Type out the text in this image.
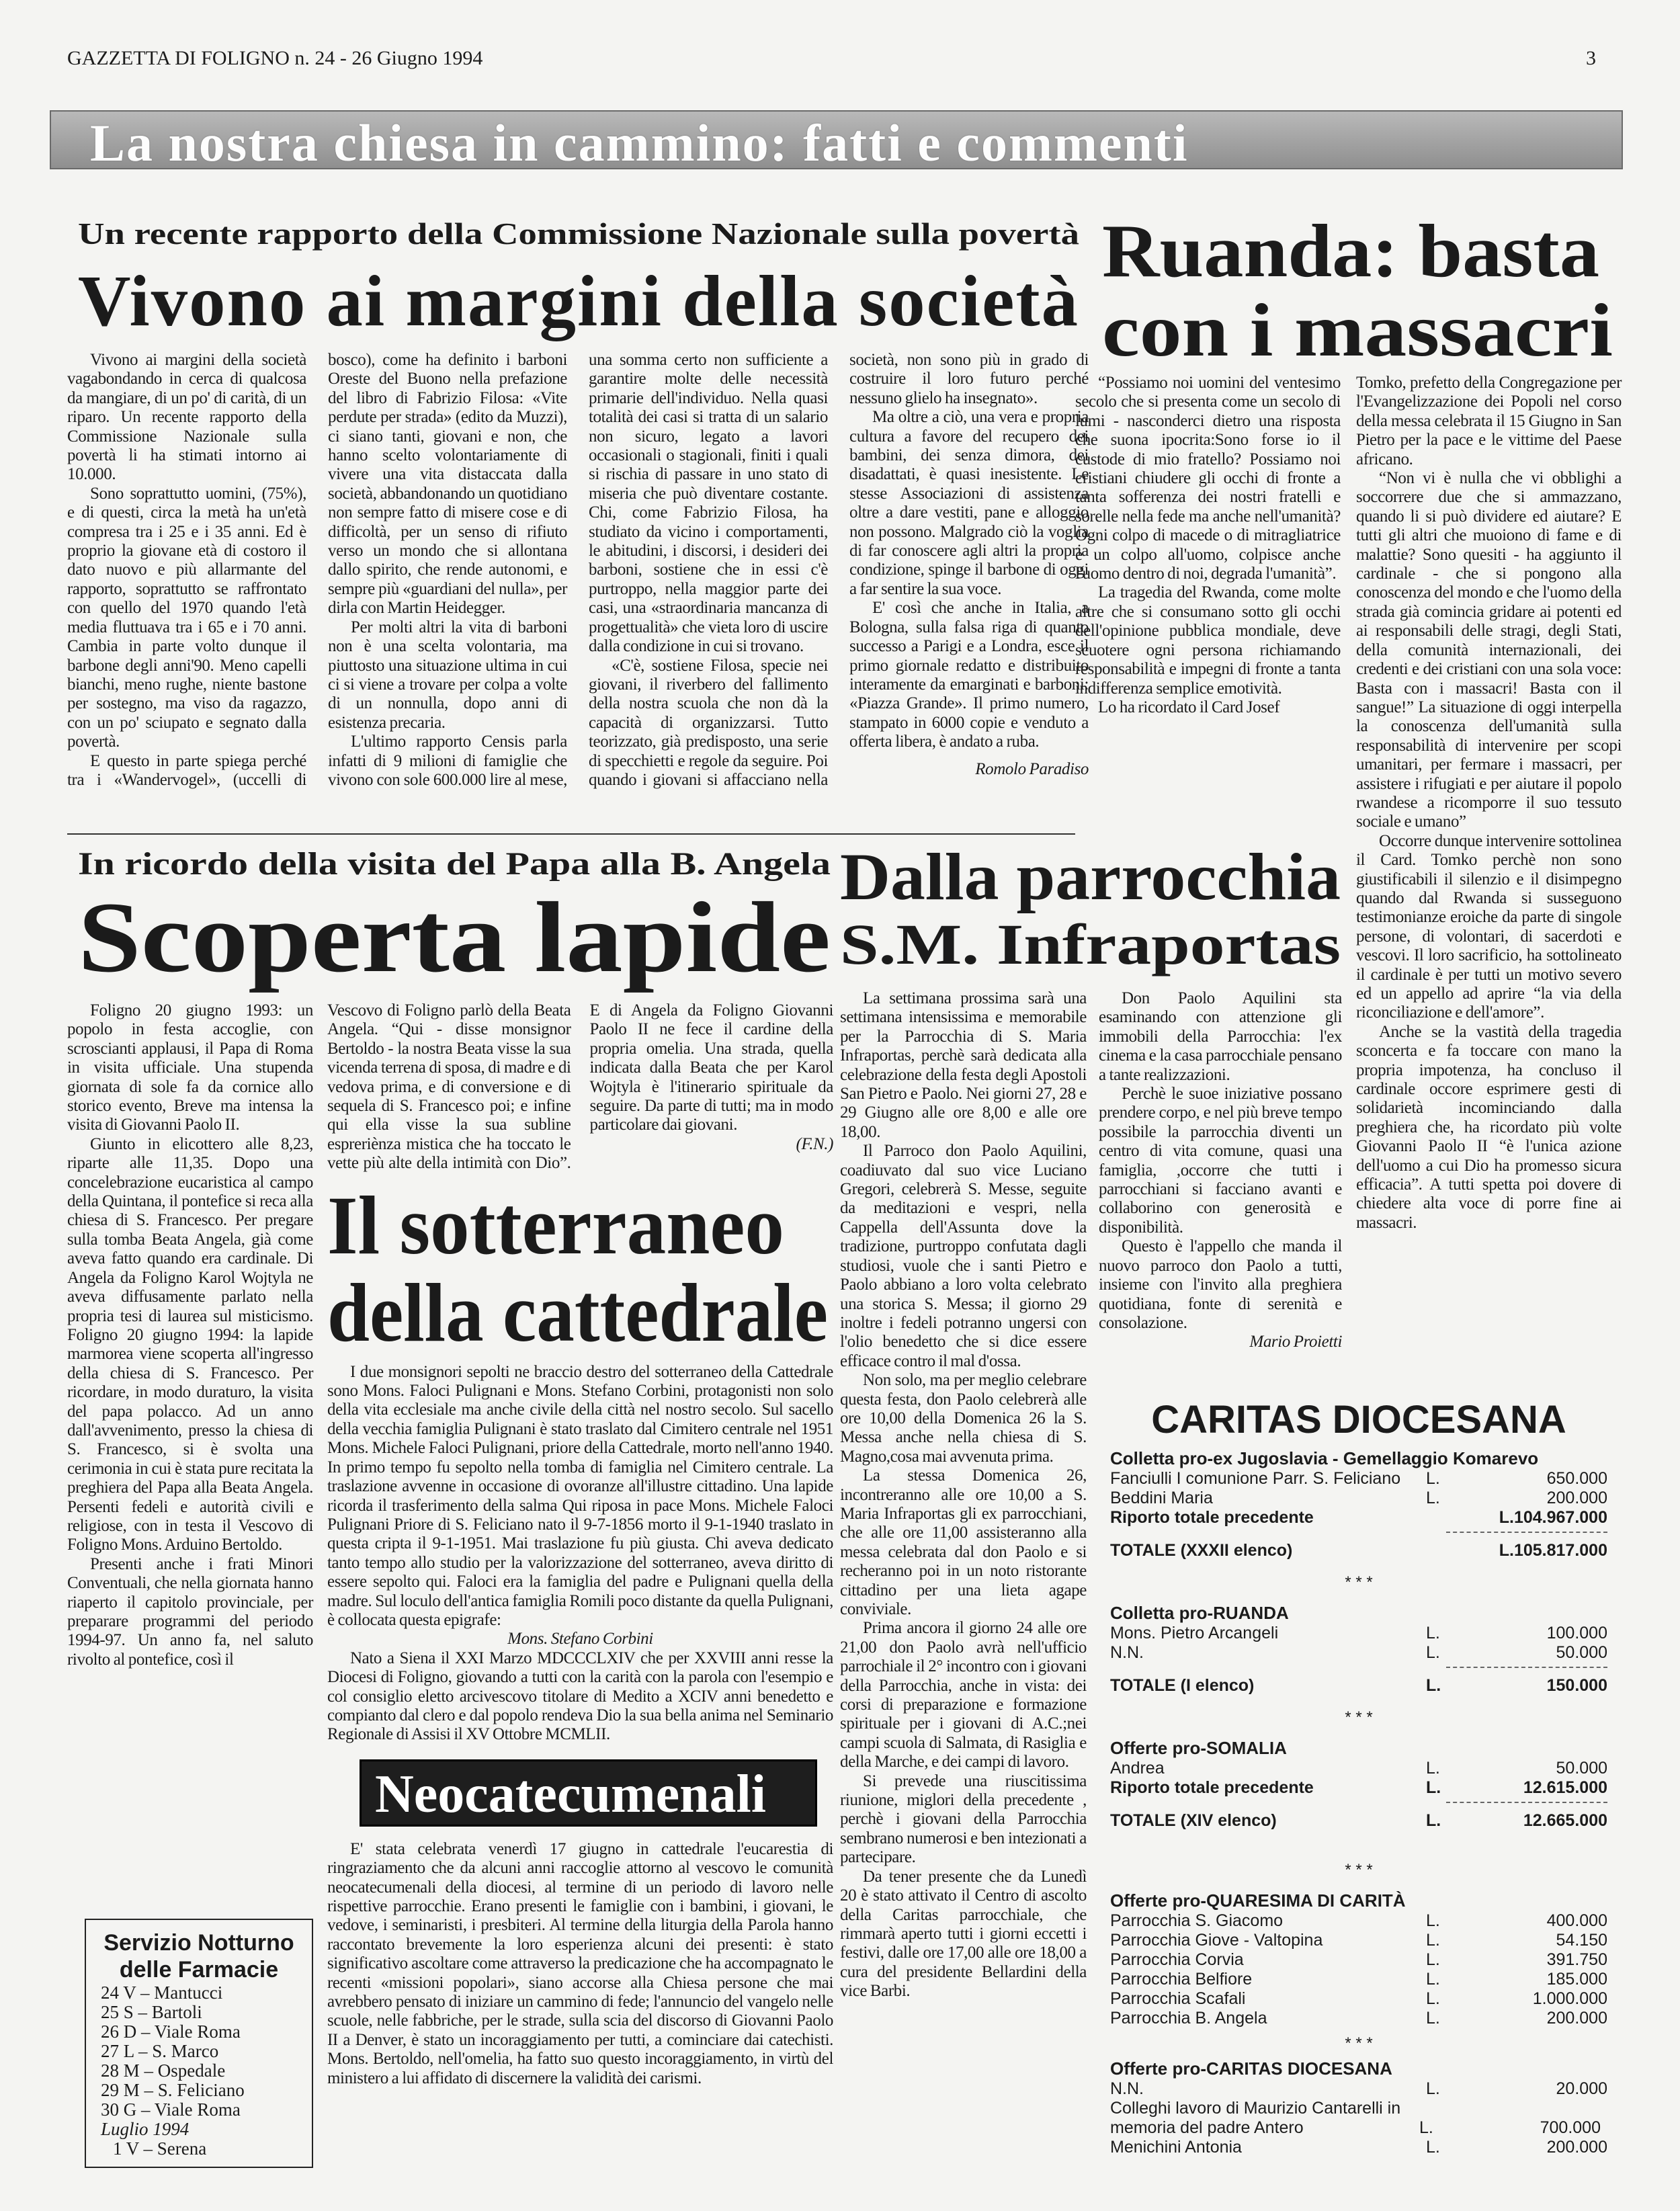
GAZZETTA DI FOLIGNO n. 24 - 26 Giugno 1994	3
La nostra chiesa in cammino: fatti e commenti
Un recente rapporto della Commissione Nazionale sulla povertà
Vivono ai margini della società

Vivono ai margini della società vagabondando in cerca di qualcosa da mangiare, di un po' di carità, di un riparo. Un recente rapporto della Commissione Nazionale sulla povertà li ha stimati intorno ai 10.000.

Sono soprattutto uomini, (75%), e di questi, circa la metà ha un'età compresa tra i 25 e i 35 anni. Ed è proprio la giovane età di costoro il dato nuovo e più allarmante del rapporto, soprattutto se raffrontato con quello del 1970 quando l'età media fluttuava tra i 65 e i 70 anni. Cambia in parte volto dunque il barbone degli anni'90. Meno capelli bianchi, meno rughe, niente bastone per sostegno, ma viso da ragazzo, con un po' sciupato e segnato dalla povertà.

E questo in parte spiega perché tra i «Wandervogel», (uccelli di bosco), come ha definito i barboni Oreste del Buono nella prefazione del libro di Fabrizio Filosa: «Vite perdute per strada» (edito da Muzzi), ci siano tanti, giovani e non, che hanno scelto volontariamente di vivere una vita distaccata dalla società, abbandonando un quotidiano non sempre fatto di misere cose e di difficoltà, per un senso di rifiuto verso un mondo che si allontana dallo spirito, che rende autonomi, e sempre più «guardiani del nulla», per dirla con Martin Heidegger.

Per molti altri la vita di barboni non è una scelta volontaria, ma piuttosto una situazione ultima in cui ci si viene a trovare per colpa a volte di un nonnulla, dopo anni di esistenza precaria.

L'ultimo rapporto Censis parla infatti di 9 milioni di famiglie che vivono con sole 600.000 lire al mese, una somma certo non sufficiente a garantire molte delle necessità primarie dell'individuo. Nella quasi totalità dei casi si tratta di un salario non sicuro, legato a lavori occasionali o stagionali, finiti i quali si rischia di passare in uno stato di miseria che può diventare costante. Chi, come Fabrizio Filosa, ha studiato da vicino i comportamenti, le abitudini, i discorsi, i desideri dei barboni, sostiene che in essi c'è purtroppo, nella maggior parte dei casi, una «straordinaria mancanza di progettualità» che vieta loro di uscire dalla condizione in cui si trovano.

«C'è, sostiene Filosa, specie nei giovani, il riverbero del fallimento della nostra scuola che non dà la capacità di organizzarsi. Tutto teorizzato, già predisposto, una serie di specchietti e regole da seguire. Poi quando i giovani si affacciano nella società, non sono più in grado di costruire il loro futuro perché nessuno glielo ha insegnato».

Ma oltre a ciò, una vera e propria cultura a favore del recupero dei bambini, dei senza dimora, dei disadattati, è quasi inesistente. Le stesse Associazioni di assistenza oltre a dare vestiti, pane e alloggio non possono. Malgrado ciò la voglia di far conoscere agli altri la propria condizione, spinge il barbone di oggi a far sentire la sua voce.

E' così che anche in Italia, a Bologna, sulla falsa riga di quanto successo a Parigi e a Londra, esce il primo giornale redatto e distribuito interamente da emarginati e barboni: «Piazza Grande». Il primo numero, stampato in 6000 copie e venduto a offerta libera, è andato a ruba.

Romolo Paradiso
Ruanda: basta
con i massacri

“Possiamo noi uomini del ventesimo secolo che si presenta come un secolo di lumi - nasconderci dietro una risposta che suona ipocrita:Sono forse io il custode di mio fratello? Possiamo noi cristiani chiudere gli occhi di fronte a tanta sofferenza dei nostri fratelli e sorelle nella fede ma anche nell'umanità?Ogni colpo di macede o di mitragliatrice è un colpo all'uomo, colpisce anche l'uomo dentro di noi, degrada l'umanità”.

La tragedia del Rwanda, come molte altre che si consumano sotto gli occhi dell'opinione pubblica mondiale, deve scuotere ogni persona richiamando responsabilità e impegni di fronte a tanta indifferenza semplice emotività.

Lo ha ricordato il Card Josef

Tomko, prefetto della Congregazione per l'Evangelizzazione dei Popoli nel corso della messa celebrata il 15 Giugno in San Pietro per la pace e le vittime del Paese africano.

“Non vi è nulla che vi obblighi a soccorrere due che si ammazzano, quando li si può dividere ed aiutare? E tutti gli altri che muoiono di fame e di malattie? Sono quesiti - ha aggiunto il cardinale - che si pongono alla conoscenza del mondo e che l'uomo della strada già comincia gridare ai potenti ed ai responsabili delle stragi, degli Stati, della comunità internazionali, dei credenti e dei cristiani con una sola voce: Basta con i massacri! Basta con il sangue!” La situazione di oggi interpella la conoscenza dell'umanità sulla responsabilità di intervenire per scopi umanitari, per fermare i massacri, per assistere i rifugiati e per aiutare il popolo rwandese a ricomporre il suo tessuto sociale e umano”

Occorre dunque intervenire sottolinea il Card. Tomko perchè non sono giustificabili il silenzio e il disimpegno quando dal Rwanda si susseguono testimonianze eroiche da parte di singole persone, di volontari, di sacerdoti e vescovi. Il loro sacrificio, ha sottolineato il cardinale è per tutti un motivo severo ed un appello ad aprire “la via della riconciliazione e dell'amore”.

Anche se la vastità della tragedia sconcerta e fa toccare con mano la propria impotenza, ha concluso il cardinale occore esprimere gesti di solidarietà incominciando dalla preghiera che, ha ricordato più volte Giovanni Paolo II “è l'unica azione dell'uomo a cui Dio ha promesso sicura efficacia”. A tutti spetta poi dovere di chiedere alta voce di porre fine ai massacri.

In ricordo della visita del Papa alla B. Angela
Scoperta lapide

Foligno 20 giugno 1993: un popolo in festa accoglie, con scroscianti applausi, il Papa di Roma in visita ufficiale. Una stupenda giornata di sole fa da cornice allo storico evento, Breve ma intensa la visita di Giovanni Paolo II.

Giunto in elicottero alle 8,23, riparte alle 11,35. Dopo una concelebrazione eucaristica al campo della Quintana, il pontefice si reca alla chiesa di S. Francesco. Per pregare sulla tomba Beata Angela, già come aveva fatto quando era cardinale. Di Angela da Foligno Karol Wojtyla ne aveva diffusamente parlato nella propria tesi di laurea sul misticismo. Foligno 20 giugno 1994: la lapide marmorea viene scoperta all'ingresso della chiesa di S. Francesco. Per ricordare, in modo duraturo, la visita del papa polacco. Ad un anno dall'avvenimento, presso la chiesa di S. Francesco, si è svolta una cerimonia in cui è stata pure recitata la preghiera del Papa alla Beata Angela. Persenti fedeli e autorità civili e religiose, con in testa il Vescovo di Foligno Mons. Arduino Bertoldo.

Presenti anche i frati Minori Conventuali, che nella giornata hanno riaperto il capitolo provinciale, per preparare programmi del periodo 1994-97. Un anno fa, nel saluto rivolto al pontefice, così il

Servizio Notturno
delle Farmacie
24 V – Mantucci
25 S – Bartoli
26 D – Viale Roma
27 L – S. Marco
28 M – Ospedale
29 M – S. Feliciano
30 G – Viale Roma
Luglio 1994
1 V – Serena

Vescovo di Foligno parlò della Beata Angela. “Qui - disse monsignor Bertoldo - la nostra Beata visse la sua vicenda terrena di sposa, di madre e di vedova prima, e di conversione e di sequela di S. Francesco poi; e infine qui ella visse la sua subline espreriènza mistica che ha toccato le vette più alte della intimità con Dio”. E di Angela da Foligno Giovanni Paolo II ne fece il cardine della propria omelia. Una strada, quella indicata dalla Beata che per Karol Wojtyla è l'itinerario spirituale da seguire. Da parte di tutti; ma in modo particolare dai giovani.

(F.N.)
Il sotterraneo
della cattedrale

I due monsignori sepolti ne braccio destro del sotterraneo della Cattedrale sono Mons. Faloci Pulignani e Mons. Stefano Corbini, protagonisti non solo della vita ecclesiale ma anche civile della città nel nostro secolo. Sul sacello della vecchia famiglia Pulignani è stato traslato dal Cimitero centrale nel 1951 Mons. Michele Faloci Pulignani, priore della Cattedrale, morto nell'anno 1940. In primo tempo fu sepolto nella tomba di famiglia nel Cimitero centrale. La traslazione avvenne in occasione di ovoranze all'illustre cittadino. Una lapide ricorda il trasferimento della salma Qui riposa in pace Mons. Michele Faloci Pulignani Priore di S. Feliciano nato il 9-7-1856 morto il 9-1-1940 traslato in questa cripta il 9-1-1951. Mai traslazione fu più giusta. Chi aveva dedicato tanto tempo allo studio per la valorizzazione del sotterraneo, aveva diritto di essere sepolto qui. Faloci era la famiglia del padre e Pulignani quella della madre. Sul loculo dell'antica famiglia Romili poco distante da quella Pulignani, è collocata questa epigrafe:

Mons. Stefano Corbini

Nato a Siena il XXI Marzo MDCCCLXIV che per XXVIII anni resse la Diocesi di Foligno, giovando a tutti con la carità con la parola con l'esempio e col consiglio eletto arcivescovo titolare di Medito a XCIV anni benedetto e compianto dal clero e dal popolo rendeva Dio la sua bella anima nel Seminario Regionale di Assisi il XV Ottobre MCMLII.

Neocatecumenali

E' stata celebrata venerdì 17 giugno in cattedrale l'eucarestia di ringraziamento che da alcuni anni raccoglie attorno al vescovo le comunità neocatecumenali della diocesi, al termine di un periodo di lavoro nelle rispettive parrocchie. Erano presenti le famiglie con i bambini, i giovani, le vedove, i seminaristi, i presbiteri. Al termine della liturgia della Parola hanno raccontato brevemente la loro esperienza alcuni dei presenti: è stato significativo ascoltare come attraverso la predicazione che ha accompagnato le recenti «missioni popolari», siano accorse alla Chiesa persone che mai avrebbero pensato di iniziare un cammino di fede; l'annuncio del vangelo nelle scuole, nelle fabbriche, per le strade, sulla scia del discorso di Giovanni Paolo II a Denver, è stato un incoraggiamento per tutti, a cominciare dai catechisti. Mons. Bertoldo, nell'omelia, ha fatto suo questo incoraggiamento, in virtù del ministero a lui affidato di discernere la validità dei carismi.

Dalla parrocchia
S.M. Infraportas

La settimana prossima sarà una settimana intensissima e memorabile per la Parrocchia di S. Maria Infraportas, perchè sarà dedicata alla celebrazione della festa degli Apostoli San Pietro e Paolo. Nei giorni 27, 28 e 29 Giugno alle ore 8,00 e alle ore 18,00.

Il Parroco don Paolo Aquilini, coadiuvato dal suo vice Luciano Gregori, celebrerà S. Messe, seguite da meditazioni e vespri, nella Cappella dell'Assunta dove la tradizione, purtroppo confutata dagli studiosi, vuole che i santi Pietro e Paolo abbiano a loro volta celebrato una storica S. Messa; il giorno 29 inoltre i fedeli potranno ungersi con l'olio benedetto che si dice essere efficace contro il mal d'ossa.

Non solo, ma per meglio celebrare questa festa, don Paolo celebrerà alle ore 10,00 della Domenica 26 la S. Messa anche nella chiesa di S. Magno,cosa mai avvenuta prima.

La stessa Domenica 26, incontreranno alle ore 10,00 a S. Maria Infraportas gli ex parrocchiani, che alle ore 11,00 assisteranno alla messa celebrata dal don Paolo e si recheranno poi in un noto ristorante cittadino per una lieta agape conviviale.

Prima ancora il giorno 24 alle ore 21,00 don Paolo avrà nell'ufficio parrochiale il 2° incontro con i giovani della Parrocchia, anche in vista: dei corsi di preparazione e formazione spirituale per i giovani di A.C.;nei campi scuola di Salmata, di Rasiglia e della Marche, e dei campi di lavoro.

Si prevede una riuscitissima riunione, miglori della precedente , perchè i giovani della Parrocchia sembrano numerosi e ben intezionati a partecipare.

Da tener presente che da Lunedì 20 è stato attivato il Centro di ascolto della Caritas parrocchiale, che rimmarà aperto tutti i giorni eccetti i festivi, dalle ore 17,00 alle ore 18,00 a cura del presidente Bellardini della vice Barbi.

Don Paolo Aquilini sta esaminando con attenzione gli immobili della Parrocchia: l'ex cinema e la casa parrocchiale pensano a tante realizzazioni.

Perchè le suoe iniziative possano prendere corpo, e nel più breve tempo possibile la parrocchia diventi un centro di vita comune, quasi una famiglia, ,occorre che tutti i parrocchiani si facciano avanti e collaborino con generosità e disponibilità.

Questo è l'appello che manda il nuovo parroco don Paolo a tutti, insieme con l'invito alla preghiera quotidiana, fonte di serenità e consolazione.

Mario Proietti
CARITAS DIOCESANA
Colletta pro-ex Jugoslavia - Gemellaggio Komarevo
Fanciulli I comunione Parr. S. Feliciano	L.	650.000
Beddini Maria	L.	200.000
Riporto totale precedente	L.104.967.000
TOTALE (XXXII elenco)	L.105.817.000
* * *
Colletta pro-RUANDA
Mons. Pietro Arcangeli	L.	100.000
N.N.	L.	50.000
TOTALE (I elenco)	L.	150.000
* * *
Offerte pro-SOMALIA
Andrea	L.	50.000
Riporto totale precedente	L.	12.615.000
TOTALE (XIV elenco)	L.	12.665.000
* * *
Offerte pro-QUARESIMA DI CARITÀ
Parrocchia S. Giacomo	L.	400.000
Parrocchia Giove - Valtopina	L.	54.150
Parrocchia Corvia	L.	391.750
Parrocchia Belfiore	L.	185.000
Parrocchia Scafali	L.	1.000.000
Parrocchia B. Angela	L.	200.000
* * *
Offerte pro-CARITAS DIOCESANA
N.N.	L.	20.000
Colleghi lavoro di Maurizio Cantarelli in memoria del padre Antero	L.	700.000
Menichini Antonia	L.	200.000
